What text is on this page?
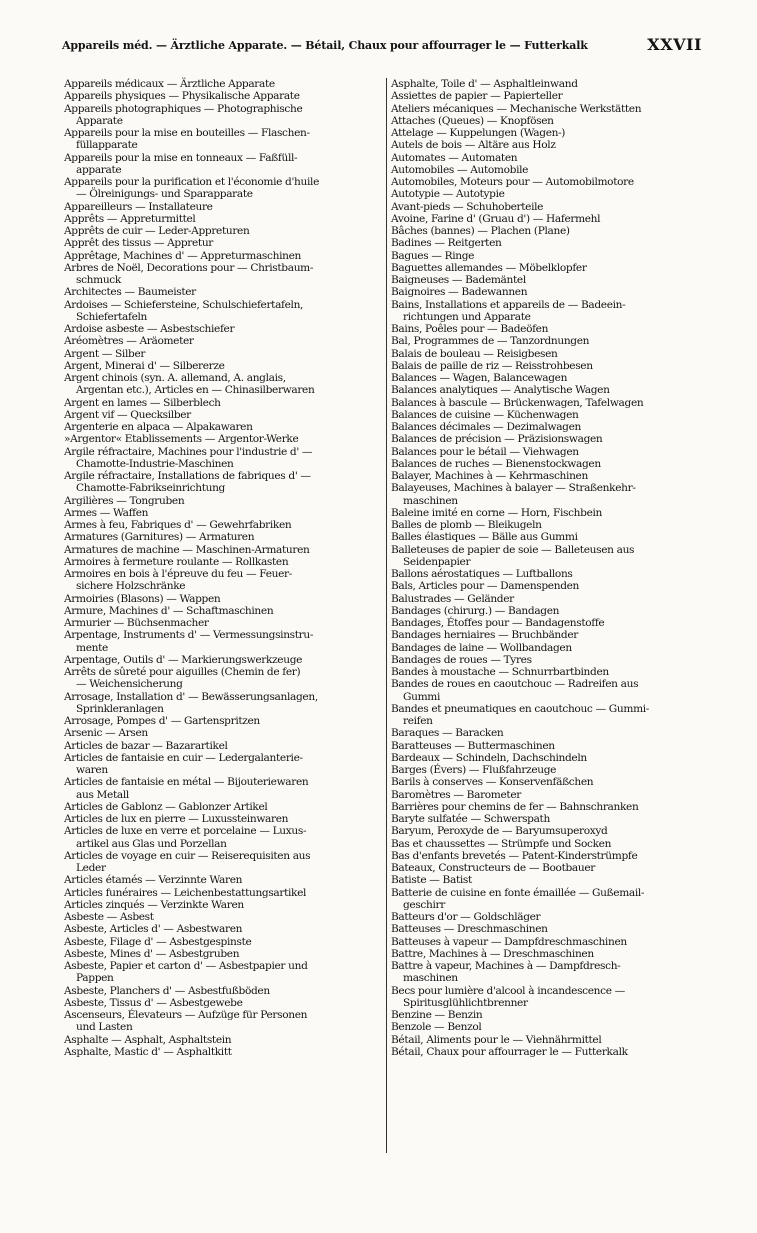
Appareils méd. — Ärztliche Apparate. — Bétail, Chaux pour affourrager le — Futterkalk	XXVII
Appareils médicaux — Ärztliche Apparate
Appareils physiques — Physikalische Apparate
Appareils photographiques — Photographische
Apparate
Appareils pour la mise en bouteilles — Flaschen-
füllapparate
Appareils pour la mise en tonneaux — Faßfüll-
apparate
Appareils pour la purification et l'économie d'huile
— Ölreinigungs- und Sparapparate
Appareilleurs — Installateure
Apprêts — Appreturmittel
Apprêts de cuir — Leder-Appreturen
Apprêt des tissus — Appretur
Apprêtage, Machines d' — Appreturmaschinen
Arbres de Noël, Decorations pour — Christbaum-
schmuck
Architectes — Baumeister
Ardoises — Schiefersteine, Schulschiefertafeln,
Schiefertafeln
Ardoise asbeste — Asbestschiefer
Aréomètres — Aräometer
Argent — Silber
Argent, Minerai d' — Silbererze
Argent chinois (syn. A. allemand, A. anglais,
Argentan etc.), Articles en — Chinasilberwaren
Argent en lames — Silberblech
Argent vif — Quecksilber
Argenterie en alpaca — Alpakawaren
»Argentor« Etablissements — Argentor-Werke
Argile réfractaire, Machines pour l'industrie d' —
Chamotte-Industrie-Maschinen
Argile réfractaire, Installations de fabriques d' —
Chamotte-Fabrikseinrichtung
Argilières — Tongruben
Armes — Waffen
Armes à feu, Fabriques d' — Gewehrfabriken
Armatures (Garnitures) — Armaturen
Armatures de machine — Maschinen-Armaturen
Armoires à fermeture roulante — Rollkasten
Armoires en bois à l'épreuve du feu — Feuer-
sichere Holzschränke
Armoiries (Blasons) — Wappen
Armure, Machines d' — Schaftmaschinen
Armurier — Büchsenmacher
Arpentage, Instruments d' — Vermessungsinstru-
mente
Arpentage, Outils d' — Markierungswerkzeuge
Arrêts de sûreté pour aiguilles (Chemin de fer)
— Weichensicherung
Arrosage, Installation d' — Bewässerungsanlagen,
Sprinkleranlagen
Arrosage, Pompes d' — Gartenspritzen
Arsenic — Arsen
Articles de bazar — Bazarartikel
Articles de fantaisie en cuir — Ledergalanterie-
waren
Articles de fantaisie en métal — Bijouteriewaren
aus Metall
Articles de Gablonz — Gablonzer Artikel
Articles de lux en pierre — Luxussteinwaren
Articles de luxe en verre et porcelaine — Luxus-
artikel aus Glas und Porzellan
Articles de voyage en cuir — Reiserequisiten aus
Leder
Articles étamés — Verzinnte Waren
Articles funéraires — Leichenbestattungsartikel
Articles zinqués — Verzinkte Waren
Asbeste — Asbest
Asbeste, Articles d' — Asbestwaren
Asbeste, Filage d' — Asbestgespinste
Asbeste, Mines d' — Asbestgruben
Asbeste, Papier et carton d' — Asbestpapier und
Pappen
Asbeste, Planchers d' — Asbestfußböden
Asbeste, Tissus d' — Asbestgewebe
Ascenseurs, Élevateurs — Aufzüge für Personen
und Lasten
Asphalte — Asphalt, Asphaltstein
Asphalte, Mastic d' — Asphaltkitt
Asphalte, Toile d' — Asphaltleinwand
Assiettes de papier — Papierteller
Ateliers mécaniques — Mechanische Werkstätten
Attaches (Queues) — Knopfösen
Attelage — Kuppelungen (Wagen-)
Autels de bois — Altäre aus Holz
Automates — Automaten
Automobiles — Automobile
Automobiles, Moteurs pour — Automobilmotore
Autotypie — Autotypie
Avant-pieds — Schuhoberteile
Avoine, Farine d' (Gruau d') — Hafermehl
Bâches (bannes) — Plachen (Plane)
Badines — Reitgerten
Bagues — Ringe
Baguettes allemandes — Möbelklopfer
Baigneuses — Bademäntel
Baignoires — Badewannen
Bains, Installations et appareils de — Badeein-
richtungen und Apparate
Bains, Poêles pour — Badeöfen
Bal, Programmes de — Tanzordnungen
Balais de bouleau — Reisigbesen
Balais de paille de riz — Reisstrohbesen
Balances — Wagen, Balancewagen
Balances analytiques — Analytische Wagen
Balances à bascule — Brückenwagen, Tafelwagen
Balances de cuisine — Küchenwagen
Balances décimales — Dezimalwagen
Balances de précision — Präzisionswagen
Balances pour le bétail — Viehwagen
Balances de ruches — Bienenstockwagen
Balayer, Machines à — Kehrmaschinen
Balayeuses, Machines à balayer — Straßenkehr-
maschinen
Baleine imité en corne — Horn, Fischbein
Balles de plomb — Bleikugeln
Balles élastiques — Bälle aus Gummi
Balleteuses de papier de soie — Balleteusen aus
Seidenpapier
Ballons aérostatiques — Luftballons
Bals, Articles pour — Damenspenden
Balustrades — Geländer
Bandages (chirurg.) — Bandagen
Bandages, Étoffes pour — Bandagenstoffe
Bandages herniaires — Bruchbänder
Bandages de laine — Wollbandagen
Bandages de roues — Tyres
Bandes à moustache — Schnurrbartbinden
Bandes de roues en caoutchouc — Radreifen aus
Gummi
Bandes et pneumatiques en caoutchouc — Gummi-
reifen
Baraques — Baracken
Baratteuses — Buttermaschinen
Bardeaux — Schindeln, Dachschindeln
Barges (Évers) — Flußfahrzeuge
Barils à conserves — Konservenfäßchen
Baromètres — Barometer
Barrières pour chemins de fer — Bahnschranken
Baryte sulfatée — Schwerspath
Baryum, Peroxyde de — Baryumsuperoxyd
Bas et chaussettes — Strümpfe und Socken
Bas d'enfants brevetés — Patent-Kinderstrümpfe
Bateaux, Constructeurs de — Bootbauer
Batiste — Batist
Batterie de cuisine en fonte émaillée — Gußemail-
geschirr
Batteurs d'or — Goldschläger
Batteuses — Dreschmaschinen
Batteuses à vapeur — Dampfdreschmaschinen
Battre, Machines à — Dreschmaschinen
Battre à vapeur, Machines à — Dampfdresch-
maschinen
Becs pour lumière d'alcool à incandescence —
Spiritusglühlichtbrenner
Benzine — Benzin
Benzole — Benzol
Bétail, Aliments pour le — Viehnährmittel
Bétail, Chaux pour affourrager le — Futterkalk
